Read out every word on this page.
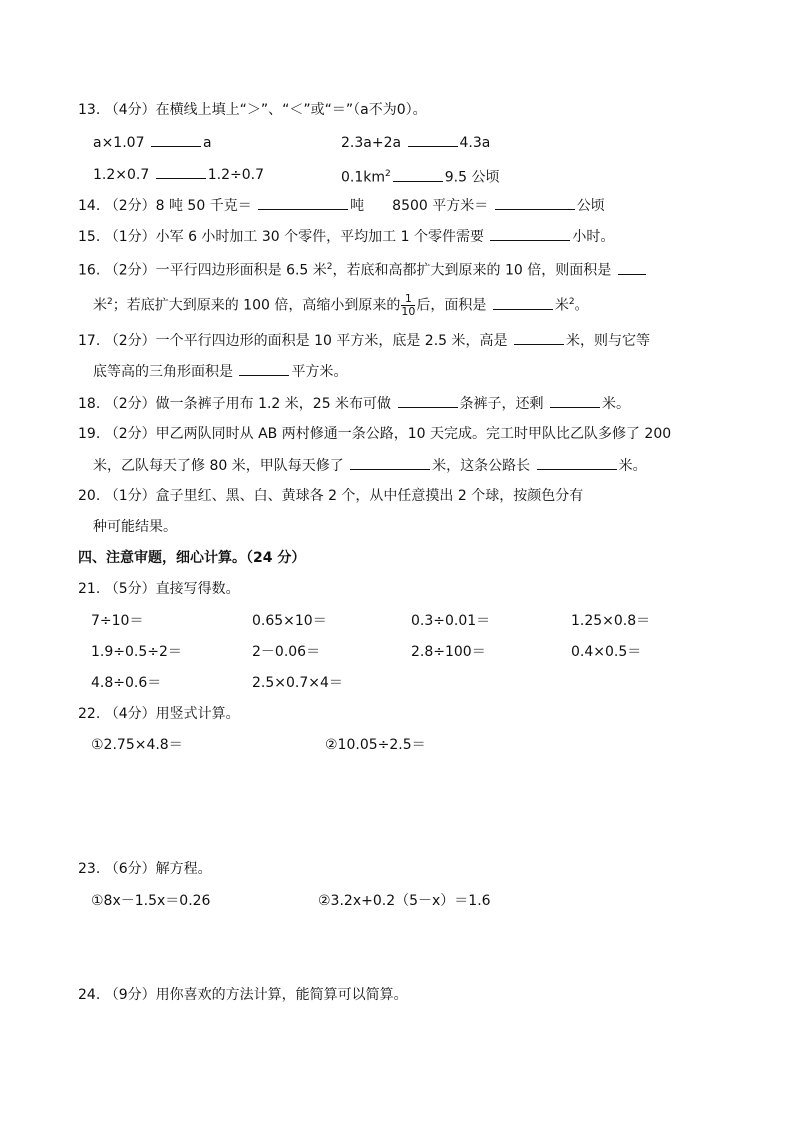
13. （4分）在横线上填上“＞”、“＜”或“＝”（a不为0）。
a×1.07	a	2.3a+2a	4.3a
1.2×0.7	1.2÷0.7	$0.1km^2$	9.5 公顷
14. （2分）8 吨 50 千克＝	吨　　8500 平方米＝	公顷
15. （1分）小军 6 小时加工 30 个零件，平均加工 1 个零件需要	小时。
16. （2分）一平行四边形面积是 6.5 米$^2$，若底和高都扩大到原来的 10 倍，则面积是
米$^2$；若底扩大到原来的 100 倍，高缩小到原来的 $\frac{1}{10}$ 后，面积是	米$^2$。
17. （2分）一个平行四边形的面积是 10 平方米，底是 2.5 米，高是	米，则与它等
底等高的三角形面积是	平方米。
18. （2分）做一条裤子用布 1.2 米，25 米布可做	条裤子，还剩	米。
19. （2分）甲乙两队同时从 AB 两村修通一条公路，10 天完成。完工时甲队比乙队多修了 200
米，乙队每天了修 80 米，甲队每天修了	米，这条公路长	米。
20. （1分）盒子里红、黑、白、黄球各 2 个，从中任意摸出 2 个球，按颜色分有
种可能结果。
四、注意审题，细心计算。（24 分）
21. （5分）直接写得数。
7÷10＝	0.65×10＝	0.3÷0.01＝	1.25×0.8＝
1.9÷0.5÷2＝	2－0.06＝	2.8÷100＝	0.4×0.5＝
4.8÷0.6＝	2.5×0.7×4＝
22. （4分）用竖式计算。
①2.75×4.8＝	②10.05÷2.5＝
23. （6分）解方程。
①8x－1.5x＝0.26	②3.2x+0.2（5－x）＝1.6
24. （9分）用你喜欢的方法计算，能简算可以简算。
